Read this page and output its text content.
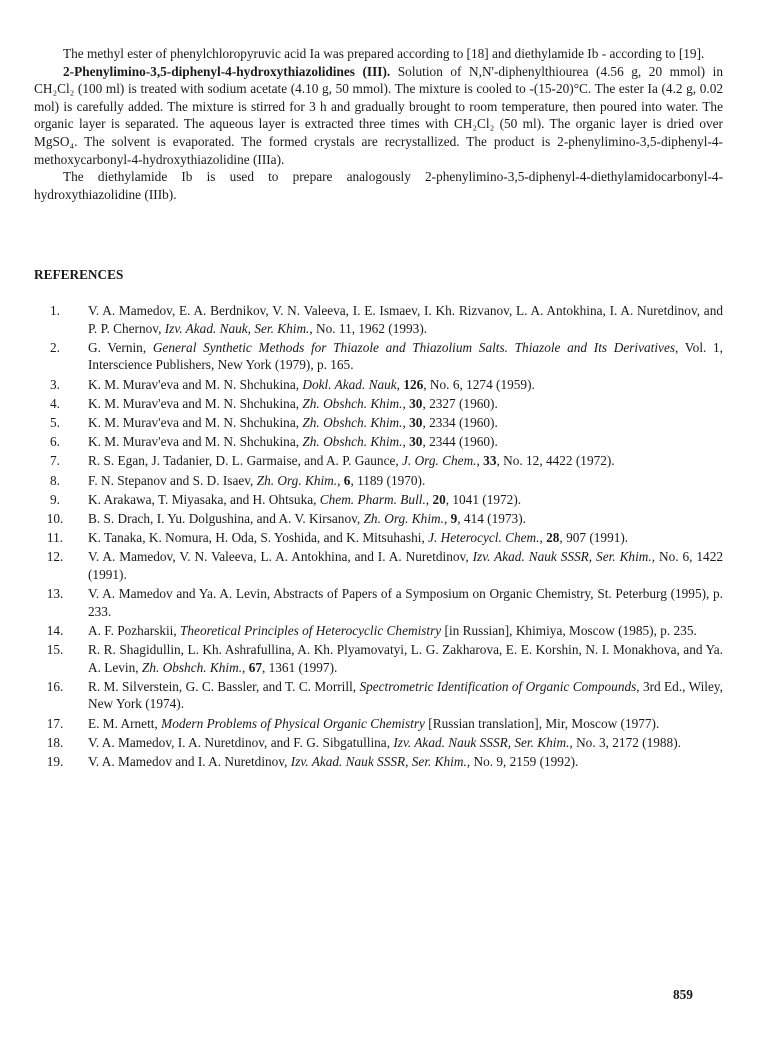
The methyl ester of phenylchloropyruvic acid Ia was prepared according to [18] and diethylamide Ib - according to [19].

2-Phenylimino-3,5-diphenyl-4-hydroxythiazolidines (III). Solution of N,N'-diphenylthiourea (4.56 g, 20 mmol) in CH₂Cl₂ (100 ml) is treated with sodium acetate (4.10 g, 50 mmol). The mixture is cooled to -(15-20)°C. The ester Ia (4.2 g, 0.02 mol) is carefully added. The mixture is stirred for 3 h and gradually brought to room temperature, then poured into water. The organic layer is separated. The aqueous layer is extracted three times with CH₂Cl₂ (50 ml). The organic layer is dried over MgSO₄. The solvent is evaporated. The formed crystals are recrystallized. The product is 2-phenylimino-3,5-diphenyl-4-methoxycarbonyl-4-hydroxythiazolidine (IIIa).

The diethylamide Ib is used to prepare analogously 2-phenylimino-3,5-diphenyl-4-diethylamidocarbonyl-4-hydroxythiazolidine (IIIb).

REFERENCES
1.	V. A. Mamedov, E. A. Berdnikov, V. N. Valeeva, I. E. Ismaev, I. Kh. Rizvanov, L. A. Antokhina, I. A. Nuretdinov, and P. P. Chernov, Izv. Akad. Nauk, Ser. Khim., No. 11, 1962 (1993).
2.	G. Vernin, General Synthetic Methods for Thiazole and Thiazolium Salts. Thiazole and Its Derivatives, Vol. 1, Interscience Publishers, New York (1979), p. 165.
3.	K. M. Murav'eva and M. N. Shchukina, Dokl. Akad. Nauk, 126, No. 6, 1274 (1959).
4.	K. M. Murav'eva and M. N. Shchukina, Zh. Obshch. Khim., 30, 2327 (1960).
5.	K. M. Murav'eva and M. N. Shchukina, Zh. Obshch. Khim., 30, 2334 (1960).
6.	K. M. Murav'eva and M. N. Shchukina, Zh. Obshch. Khim., 30, 2344 (1960).
7.	R. S. Egan, J. Tadanier, D. L. Garmaise, and A. P. Gaunce, J. Org. Chem., 33, No. 12, 4422 (1972).
8.	F. N. Stepanov and S. D. Isaev, Zh. Org. Khim., 6, 1189 (1970).
9.	K. Arakawa, T. Miyasaka, and H. Ohtsuka, Chem. Pharm. Bull., 20, 1041 (1972).
10.	B. S. Drach, I. Yu. Dolgushina, and A. V. Kirsanov, Zh. Org. Khim., 9, 414 (1973).
11.	K. Tanaka, K. Nomura, H. Oda, S. Yoshida, and K. Mitsuhashi, J. Heterocycl. Chem., 28, 907 (1991).
12.	V. A. Mamedov, V. N. Valeeva, L. A. Antokhina, and I. A. Nuretdinov, Izv. Akad. Nauk SSSR, Ser. Khim., No. 6, 1422 (1991).
13.	V. A. Mamedov and Ya. A. Levin, Abstracts of Papers of a Symposium on Organic Chemistry, St. Peterburg (1995), p. 233.
14.	A. F. Pozharskii, Theoretical Principles of Heterocyclic Chemistry [in Russian], Khimiya, Moscow (1985), p. 235.
15.	R. R. Shagidullin, L. Kh. Ashrafullina, A. Kh. Plyamovatyi, L. G. Zakharova, E. E. Korshin, N. I. Monakhova, and Ya. A. Levin, Zh. Obshch. Khim., 67, 1361 (1997).
16.	R. M. Silverstein, G. C. Bassler, and T. C. Morrill, Spectrometric Identification of Organic Compounds, 3rd Ed., Wiley, New York (1974).
17.	E. M. Arnett, Modern Problems of Physical Organic Chemistry [Russian translation], Mir, Moscow (1977).
18.	V. A. Mamedov, I. A. Nuretdinov, and F. G. Sibgatullina, Izv. Akad. Nauk SSSR, Ser. Khim., No. 3, 2172 (1988).
19.	V. A. Mamedov and I. A. Nuretdinov, Izv. Akad. Nauk SSSR, Ser. Khim., No. 9, 2159 (1992).
859
